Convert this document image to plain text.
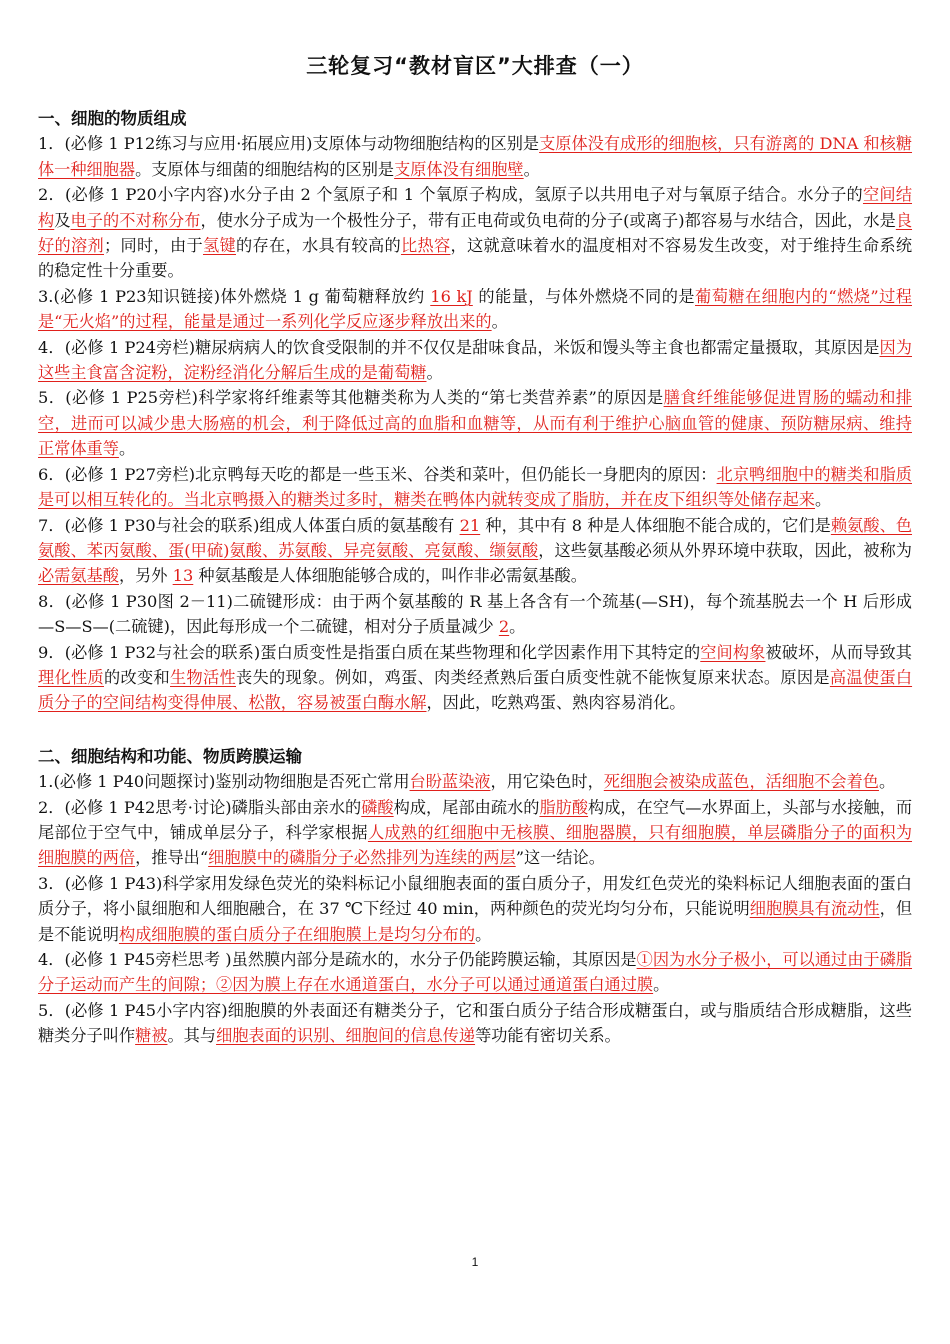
三轮复习“教材盲区”大排查（一）
一、细胞的物质组成
1．(必修 1 P12练习与应用·拓展应用)支原体与动物细胞结构的区别是支原体没有成形的细胞核，只有游离的 DNA 和核糖体一种细胞器。支原体与细菌的细胞结构的区别是支原体没有细胞壁。
2．(必修 1 P20小字内容)水分子由 2 个氢原子和 1 个氧原子构成，氢原子以共用电子对与氧原子结合。水分子的空间结构及电子的不对称分布，使水分子成为一个极性分子，带有正电荷或负电荷的分子(或离子)都容易与水结合，因此，水是良好的溶剂；同时，由于氢键的存在，水具有较高的比热容，这就意味着水的温度相对不容易发生改变，对于维持生命系统的稳定性十分重要。
3.(必修 1 P23知识链接)体外燃烧 1 g 葡萄糖释放约 16 kJ 的能量，与体外燃烧不同的是葡萄糖在细胞内的“燃烧”过程是“无火焰”的过程，能量是通过一系列化学反应逐步释放出来的。
4．(必修 1 P24旁栏)糖尿病病人的饮食受限制的并不仅仅是甜味食品，米饭和馒头等主食也都需定量摄取，其原因是因为这些主食富含淀粉，淀粉经消化分解后生成的是葡萄糖。
5．(必修 1 P25旁栏)科学家将纤维素等其他糖类称为人类的“第七类营养素”的原因是膳食纤维能够促进胃肠的蠕动和排空，进而可以减少患大肠癌的机会，利于降低过高的血脂和血糖等，从而有利于维护心脑血管的健康、预防糖尿病、维持正常体重等。
6．(必修 1 P27旁栏)北京鸭每天吃的都是一些玉米、谷类和菜叶，但仍能长一身肥肉的原因：北京鸭细胞中的糖类和脂质是可以相互转化的。当北京鸭摄入的糖类过多时，糖类在鸭体内就转变成了脂肪，并在皮下组织等处储存起来。
7．(必修 1 P30与社会的联系)组成人体蛋白质的氨基酸有 21 种，其中有 8 种是人体细胞不能合成的，它们是赖氨酸、色氨酸、苯丙氨酸、蛋(甲硫)氨酸、苏氨酸、异亮氨酸、亮氨酸、缬氨酸，这些氨基酸必须从外界环境中获取，因此，被称为必需氨基酸，另外 13 种氨基酸是人体细胞能够合成的，叫作非必需氨基酸。
8．(必修 1 P30图 2－11)二硫键形成：由于两个氨基酸的 R 基上各含有一个巯基(—SH)，每个巯基脱去一个 H 后形成—S—S—(二硫键)，因此每形成一个二硫键，相对分子质量减少 2。
9．(必修 1 P32与社会的联系)蛋白质变性是指蛋白质在某些物理和化学因素作用下其特定的空间构象被破坏，从而导致其理化性质的改变和生物活性丧失的现象。例如，鸡蛋、肉类经煮熟后蛋白质变性就不能恢复原来状态。原因是高温使蛋白质分子的空间结构变得伸展、松散，容易被蛋白酶水解，因此，吃熟鸡蛋、熟肉容易消化。
二、细胞结构和功能、物质跨膜运输
1.(必修 1 P40问题探讨)鉴别动物细胞是否死亡常用台盼蓝染液，用它染色时，死细胞会被染成蓝色，活细胞不会着色。
2．(必修 1 P42思考·讨论)磷脂头部由亲水的磷酸构成，尾部由疏水的脂肪酸构成，在空气—水界面上，头部与水接触，而尾部位于空气中，铺成单层分子，科学家根据人成熟的红细胞中无核膜、细胞器膜，只有细胞膜，单层磷脂分子的面积为细胞膜的两倍，推导出“细胞膜中的磷脂分子必然排列为连续的两层”这一结论。
3．(必修 1 P43)科学家用发绿色荧光的染料标记小鼠细胞表面的蛋白质分子，用发红色荧光的染料标记人细胞表面的蛋白质分子，将小鼠细胞和人细胞融合，在 37 ℃下经过 40 min，两种颜色的荧光均匀分布，只能说明细胞膜具有流动性，但是不能说明构成细胞膜的蛋白质分子在细胞膜上是均匀分布的。
4．(必修 1 P45旁栏思考 )虽然膜内部分是疏水的，水分子仍能跨膜运输，其原因是①因为水分子极小，可以通过由于磷脂分子运动而产生的间隙；②因为膜上存在水通道蛋白，水分子可以通过通道蛋白通过膜。
5．(必修 1 P45小字内容)细胞膜的外表面还有糖类分子，它和蛋白质分子结合形成糖蛋白，或与脂质结合形成糖脂，这些糖类分子叫作糖被。其与细胞表面的识别、细胞间的信息传递等功能有密切关系。
1
